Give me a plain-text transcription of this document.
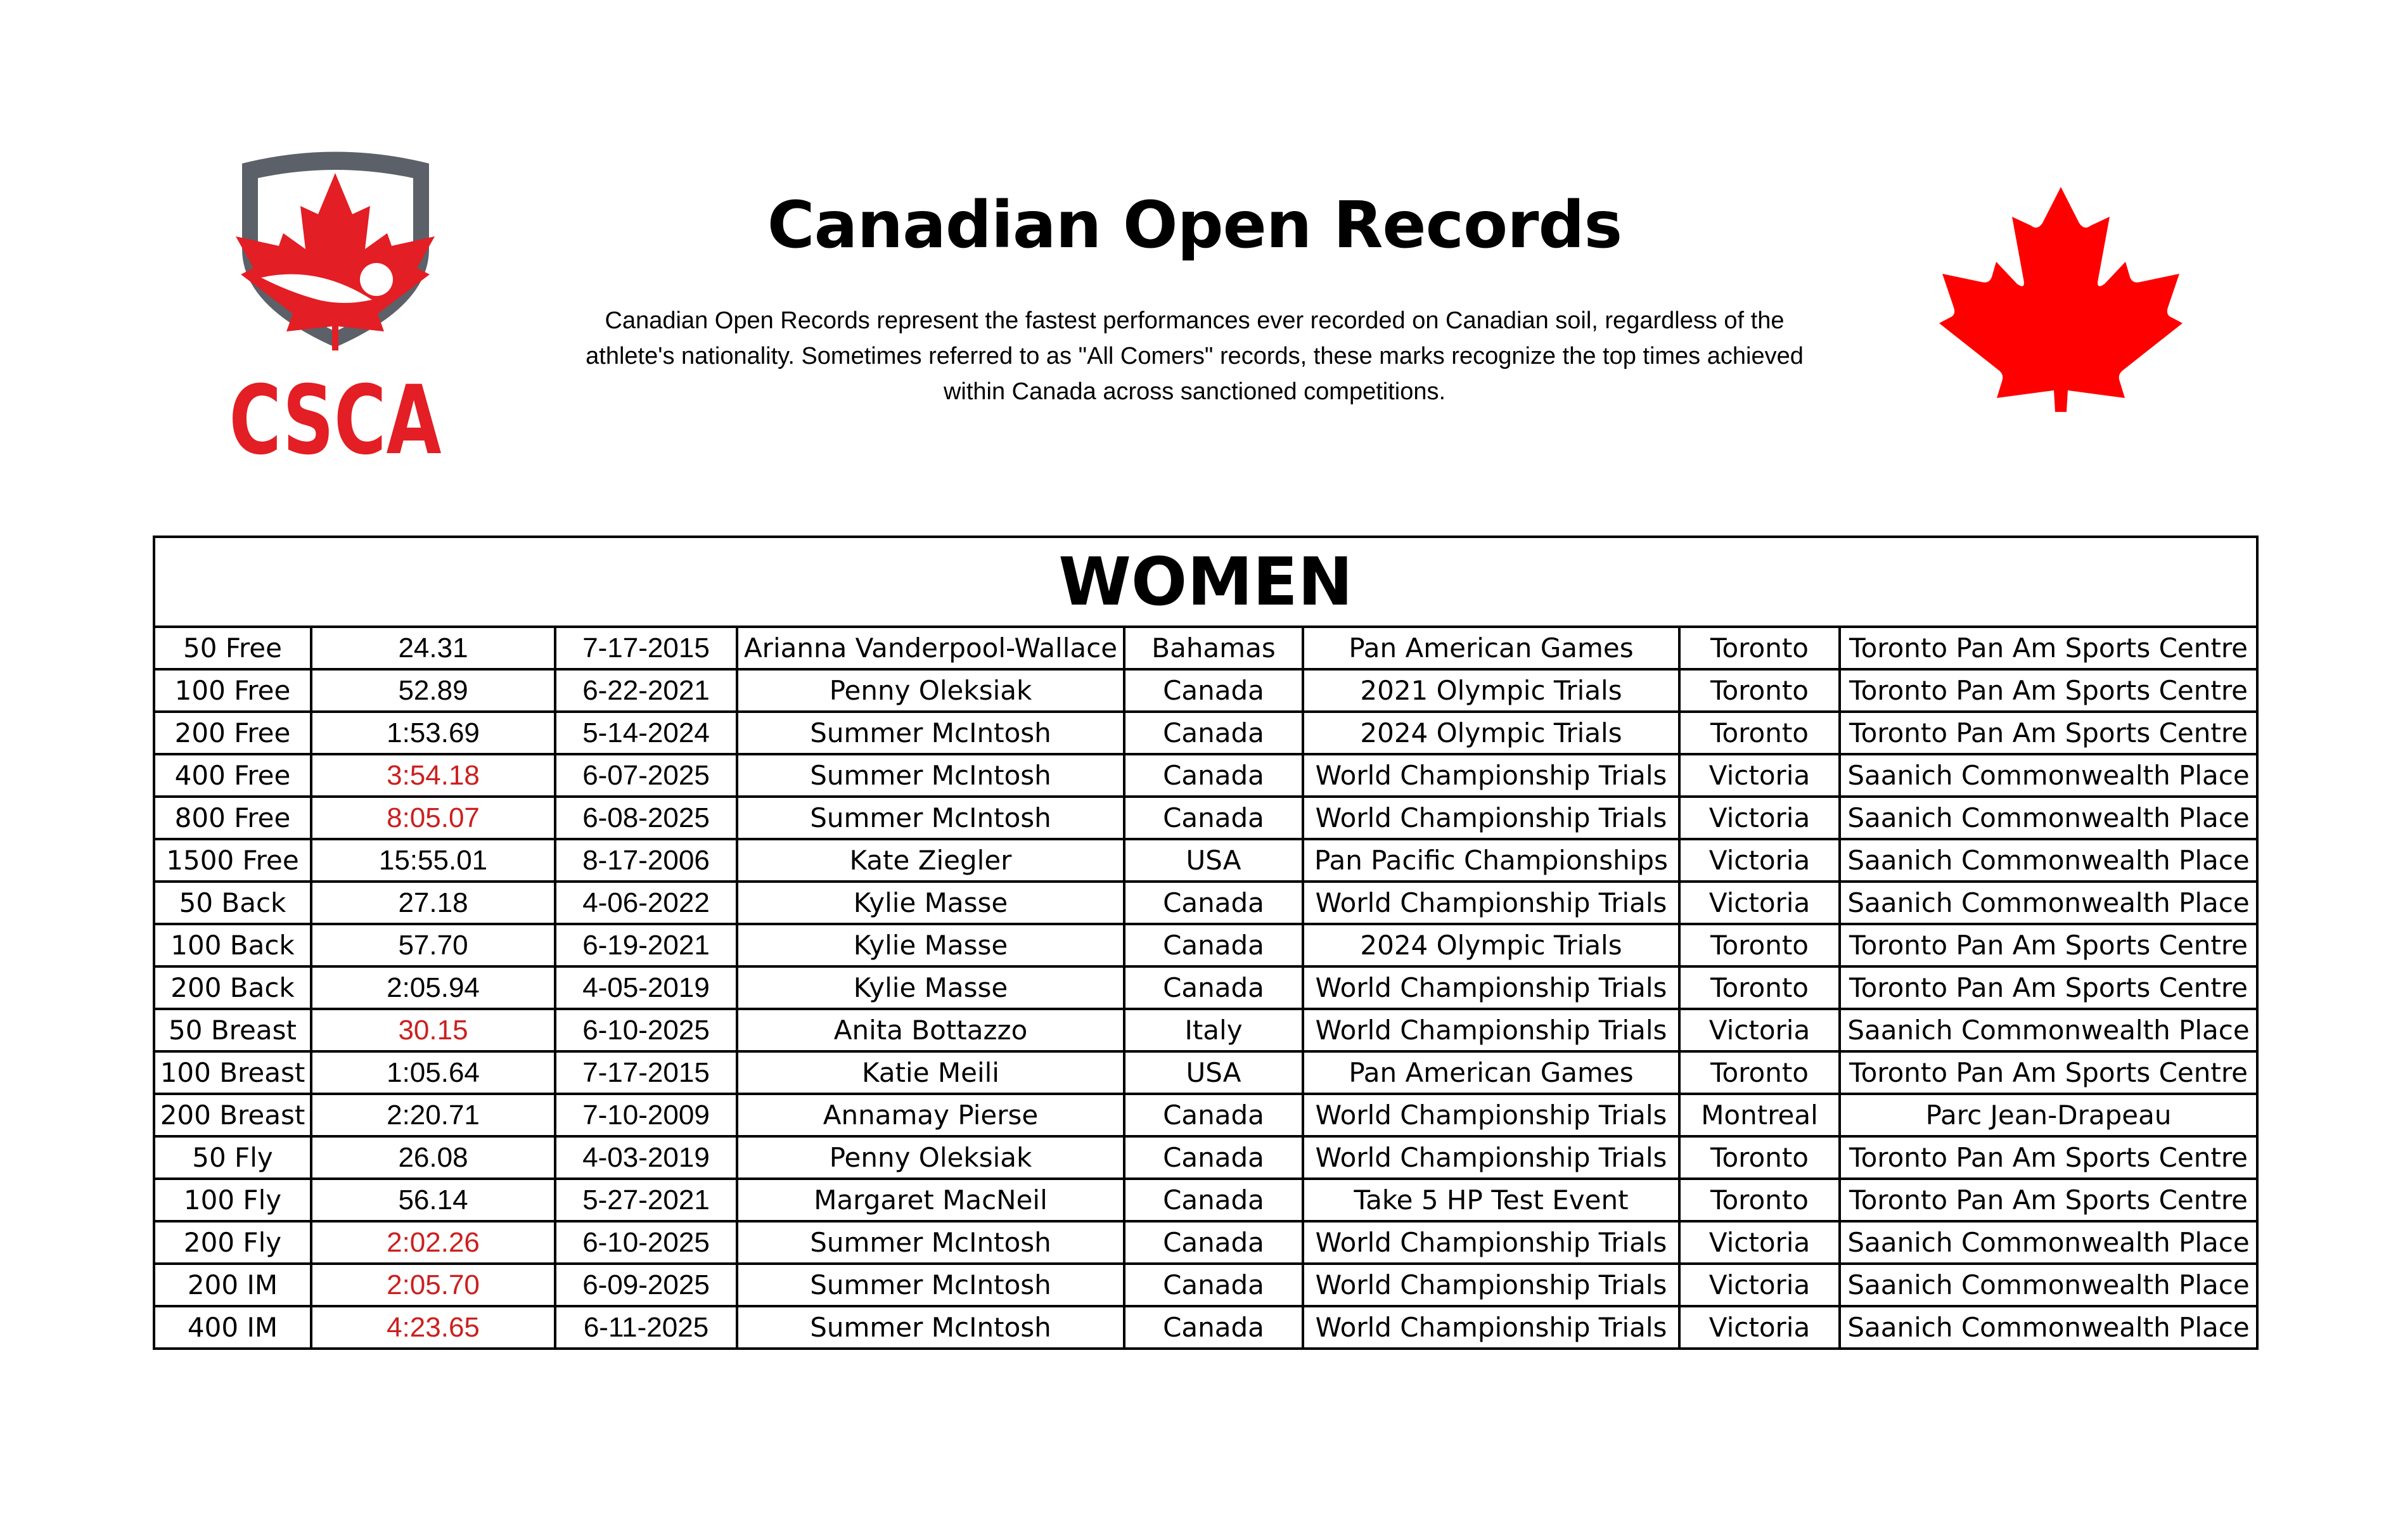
CSCA
Canadian Open Records
Canadian Open Records represent the fastest performances ever recorded on Canadian soil, regardless of the
athlete's nationality. Sometimes referred to as "All Comers" records, these marks recognize the top times achieved
within Canada across sanctioned competitions.
WOMEN							
50 Free	24.31	7-17-2015	Arianna Vanderpool-Wallace	Bahamas	Pan American Games	Toronto	Toronto Pan Am Sports Centre
100 Free	52.89	6-22-2021	Penny Oleksiak	Canada	2021 Olympic Trials	Toronto	Toronto Pan Am Sports Centre
200 Free	1:53.69	5-14-2024	Summer McIntosh	Canada	2024 Olympic Trials	Toronto	Toronto Pan Am Sports Centre
400 Free	3:54.18	6-07-2025	Summer McIntosh	Canada	World Championship Trials	Victoria	Saanich Commonwealth Place
800 Free	8:05.07	6-08-2025	Summer McIntosh	Canada	World Championship Trials	Victoria	Saanich Commonwealth Place
1500 Free	15:55.01	8-17-2006	Kate Ziegler	USA	Pan Pacific Championships	Victoria	Saanich Commonwealth Place
50 Back	27.18	4-06-2022	Kylie Masse	Canada	World Championship Trials	Victoria	Saanich Commonwealth Place
100 Back	57.70	6-19-2021	Kylie Masse	Canada	2024 Olympic Trials	Toronto	Toronto Pan Am Sports Centre
200 Back	2:05.94	4-05-2019	Kylie Masse	Canada	World Championship Trials	Toronto	Toronto Pan Am Sports Centre
50 Breast	30.15	6-10-2025	Anita Bottazzo	Italy	World Championship Trials	Victoria	Saanich Commonwealth Place
100 Breast	1:05.64	7-17-2015	Katie Meili	USA	Pan American Games	Toronto	Toronto Pan Am Sports Centre
200 Breast	2:20.71	7-10-2009	Annamay Pierse	Canada	World Championship Trials	Montreal	Parc Jean-Drapeau
50 Fly	26.08	4-03-2019	Penny Oleksiak	Canada	World Championship Trials	Toronto	Toronto Pan Am Sports Centre
100 Fly	56.14	5-27-2021	Margaret MacNeil	Canada	Take 5 HP Test Event	Toronto	Toronto Pan Am Sports Centre
200 Fly	2:02.26	6-10-2025	Summer McIntosh	Canada	World Championship Trials	Victoria	Saanich Commonwealth Place
200 IM	2:05.70	6-09-2025	Summer McIntosh	Canada	World Championship Trials	Victoria	Saanich Commonwealth Place
400 IM	4:23.65	6-11-2025	Summer McIntosh	Canada	World Championship Trials	Victoria	Saanich Commonwealth Place
